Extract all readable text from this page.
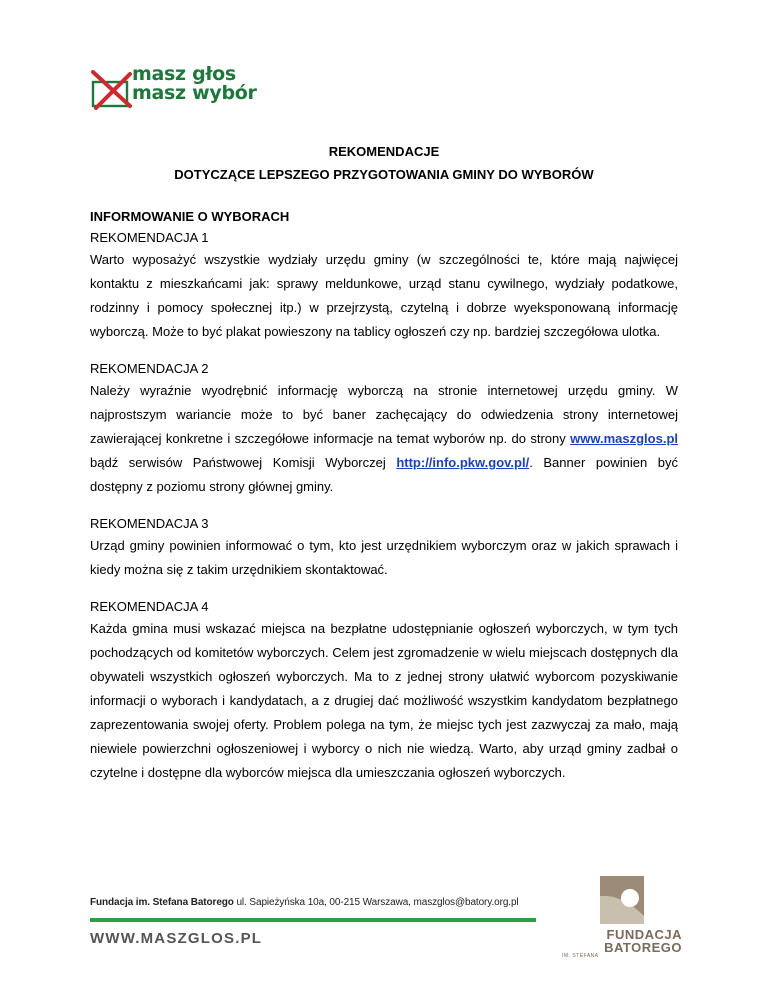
masz głos
masz wybór
REKOMENDACJE
DOTYCZĄCE LEPSZEGO PRZYGOTOWANIA GMINY DO WYBORÓW

INFORMOWANIE O WYBORACH

REKOMENDACJA 1

Warto wyposażyć wszystkie wydziały urzędu gminy (w szczególności te, które mają najwięcej kontaktu z mieszkańcami jak: sprawy meldunkowe, urząd stanu cywilnego, wydziały podatkowe, rodzinny i pomocy społecznej itp.) w przejrzystą, czytelną i dobrze wyeksponowaną informację wyborczą. Może to być plakat powieszony na tablicy ogłoszeń czy np. bardziej szczegółowa ulotka.

REKOMENDACJA 2

Należy wyraźnie wyodrębnić informację wyborczą na stronie internetowej urzędu gminy. W najprostszym wariancie może to być baner zachęcający do odwiedzenia strony internetowej zawierającej konkretne i szczegółowe informacje na temat wyborów np. do strony www.maszglos.pl bądź serwisów Państwowej Komisji Wyborczej http://info.pkw.gov.pl/. Banner powinien być dostępny z poziomu strony głównej gminy.

REKOMENDACJA 3

Urząd gminy powinien informować o tym, kto jest urzędnikiem wyborczym oraz w jakich sprawach i kiedy można się z takim urzędnikiem skontaktować.

REKOMENDACJA 4

Każda gmina musi wskazać miejsca na bezpłatne udostępnianie ogłoszeń wyborczych, w tym tych pochodzących od komitetów wyborczych. Celem jest zgromadzenie w wielu miejscach dostępnych dla obywateli wszystkich ogłoszeń wyborczych. Ma to z jednej strony ułatwić wyborcom pozyskiwanie informacji o wyborach i kandydatach, a z drugiej dać możliwość wszystkim kandydatom bezpłatnego zaprezentowania swojej oferty. Problem polega na tym, że miejsc tych jest zazwyczaj za mało, mają niewiele powierzchni ogłoszeniowej i wyborcy o nich nie wiedzą. Warto, aby urząd gminy zadbał o czytelne i dostępne dla wyborców miejsca dla umieszczania ogłoszeń wyborczych.

Fundacja im. Stefana Batorego ul. Sapieżyńska 10a, 00-215 Warszawa, maszglos@batory.org.pl
WWW.MASZGLOS.PL	FUNDACJA
BATOREGO
IM. STEFANA
